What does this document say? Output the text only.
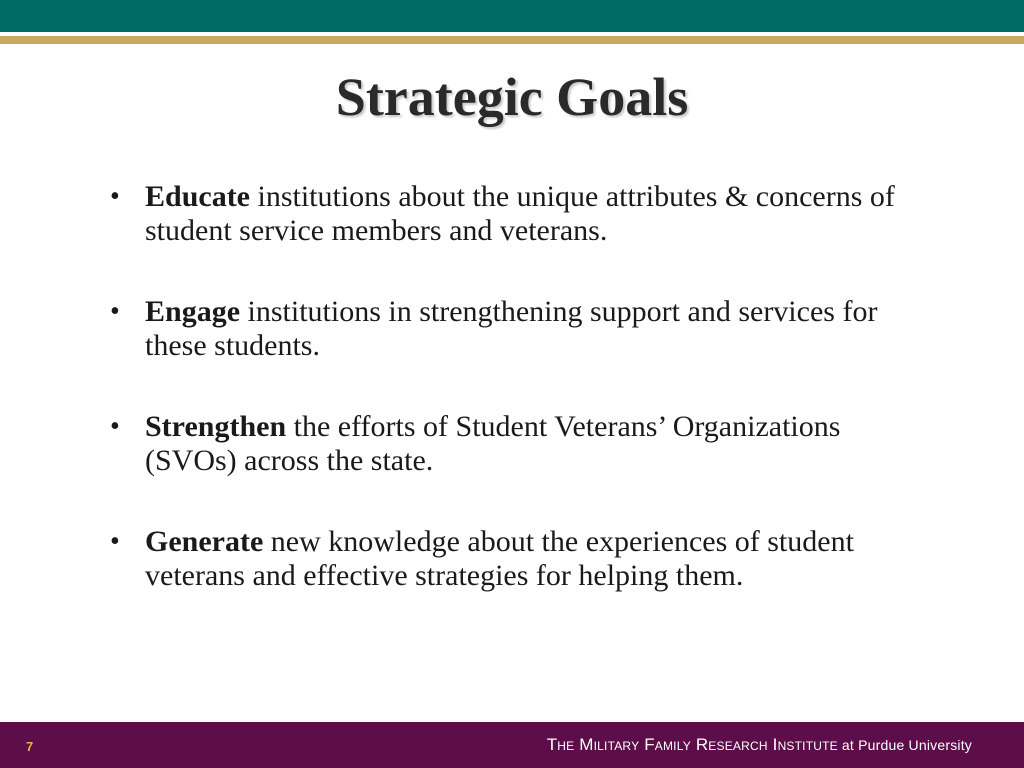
Strategic Goals
• Educate institutions about the unique attributes & concerns of student service members and veterans.
• Engage institutions in strengthening support and services for these students.
• Strengthen the efforts of Student Veterans’ Organizations (SVOs) across the state.
• Generate new knowledge about the experiences of student veterans and effective strategies for helping them.
7	The Military Family Research Institute at Purdue University
